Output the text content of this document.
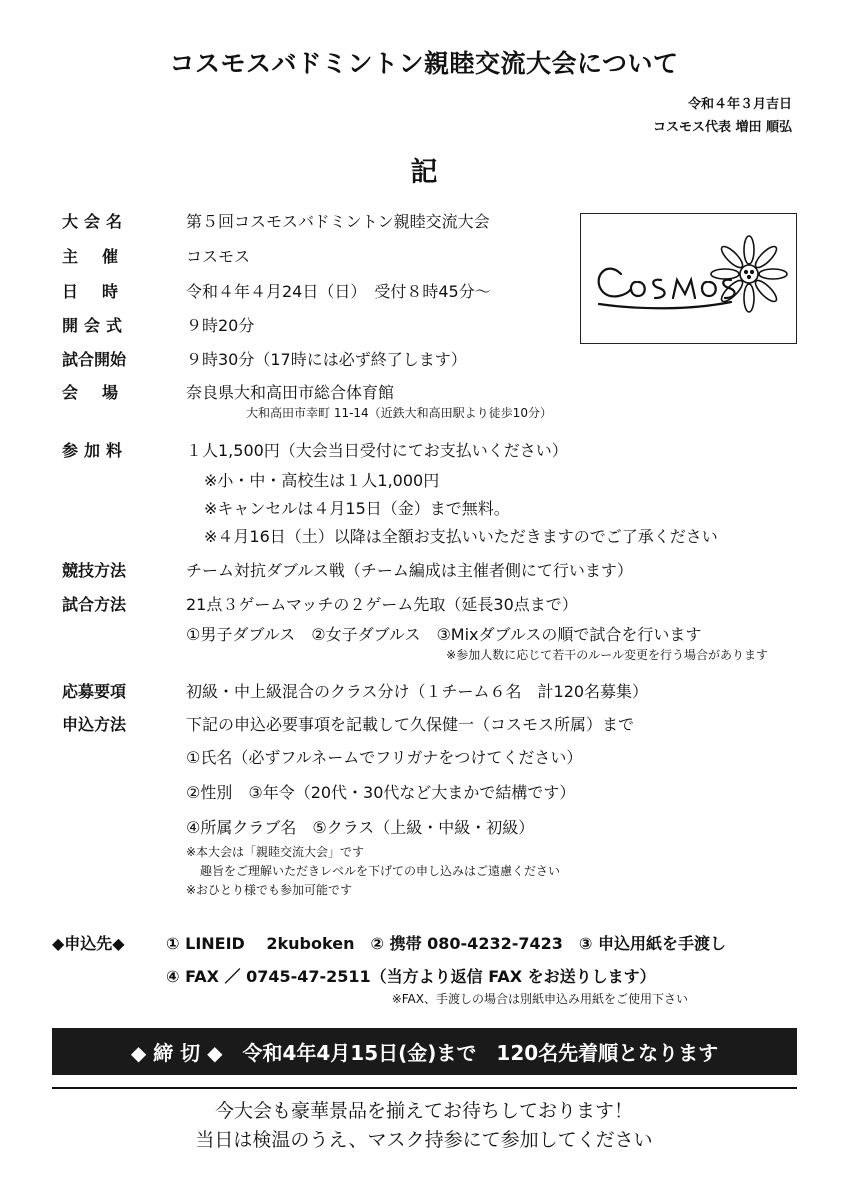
コスモスバドミントン親睦交流大会について
令和４年３月吉日
コスモス代表 増田 順弘
記
大会名	第５回コスモスバドミントン親睦交流大会
主催	コスモス
日時	令和４年４月24日（日）　受付８時45分～
開会式	９時20分
試合開始	９時30分（17時には必ず終了します）
会場	奈良県大和高田市総合体育館
大和高田市幸町 11-14（近鉄大和高田駅より徒歩10分）
参加料	１人1,500円（大会当日受付にてお支払いください）
※小・中・高校生は１人1,000円
※キャンセルは４月15日（金）まで無料。
※４月16日（土）以降は全額お支払いいただきますのでご了承ください
競技方法	チーム対抗ダブルス戦（チーム編成は主催者側にて行います）
試合方法	21点３ゲームマッチの２ゲーム先取（延長30点まで）
①男子ダブルス　②女子ダブルス　③Mixダブルスの順で試合を行います
※参加人数に応じて若干のルール変更を行う場合があります
応募要項	初級・中上級混合のクラス分け（１チーム６名　計120名募集）
申込方法	下記の申込必要事項を記載して久保健一（コスモス所属）まで
①氏名（必ずフルネームでフリガナをつけてください）
②性別　③年令（20代・30代など大まかで結構です）
④所属クラブ名　⑤クラス（上級・中級・初級）
※本大会は「親睦交流大会」です
趣旨をご理解いただきレベルを下げての申し込みはご遠慮ください
※おひとり様でも参加可能です
◆申込先◆	① LINEID　 2kuboken　② 携帯 080-4232-7423　③ 申込用紙を手渡し
④ FAX ／ 0745-47-2511（当方より返信 FAX をお送りします）
※FAX、手渡しの場合は別紙申込み用紙をご使用下さい
◆ 締 切 ◆　令和4年4月15日(金)まで　120名先着順となります
今大会も豪華景品を揃えてお待ちしております！
当日は検温のうえ、マスク持参にて参加してください
